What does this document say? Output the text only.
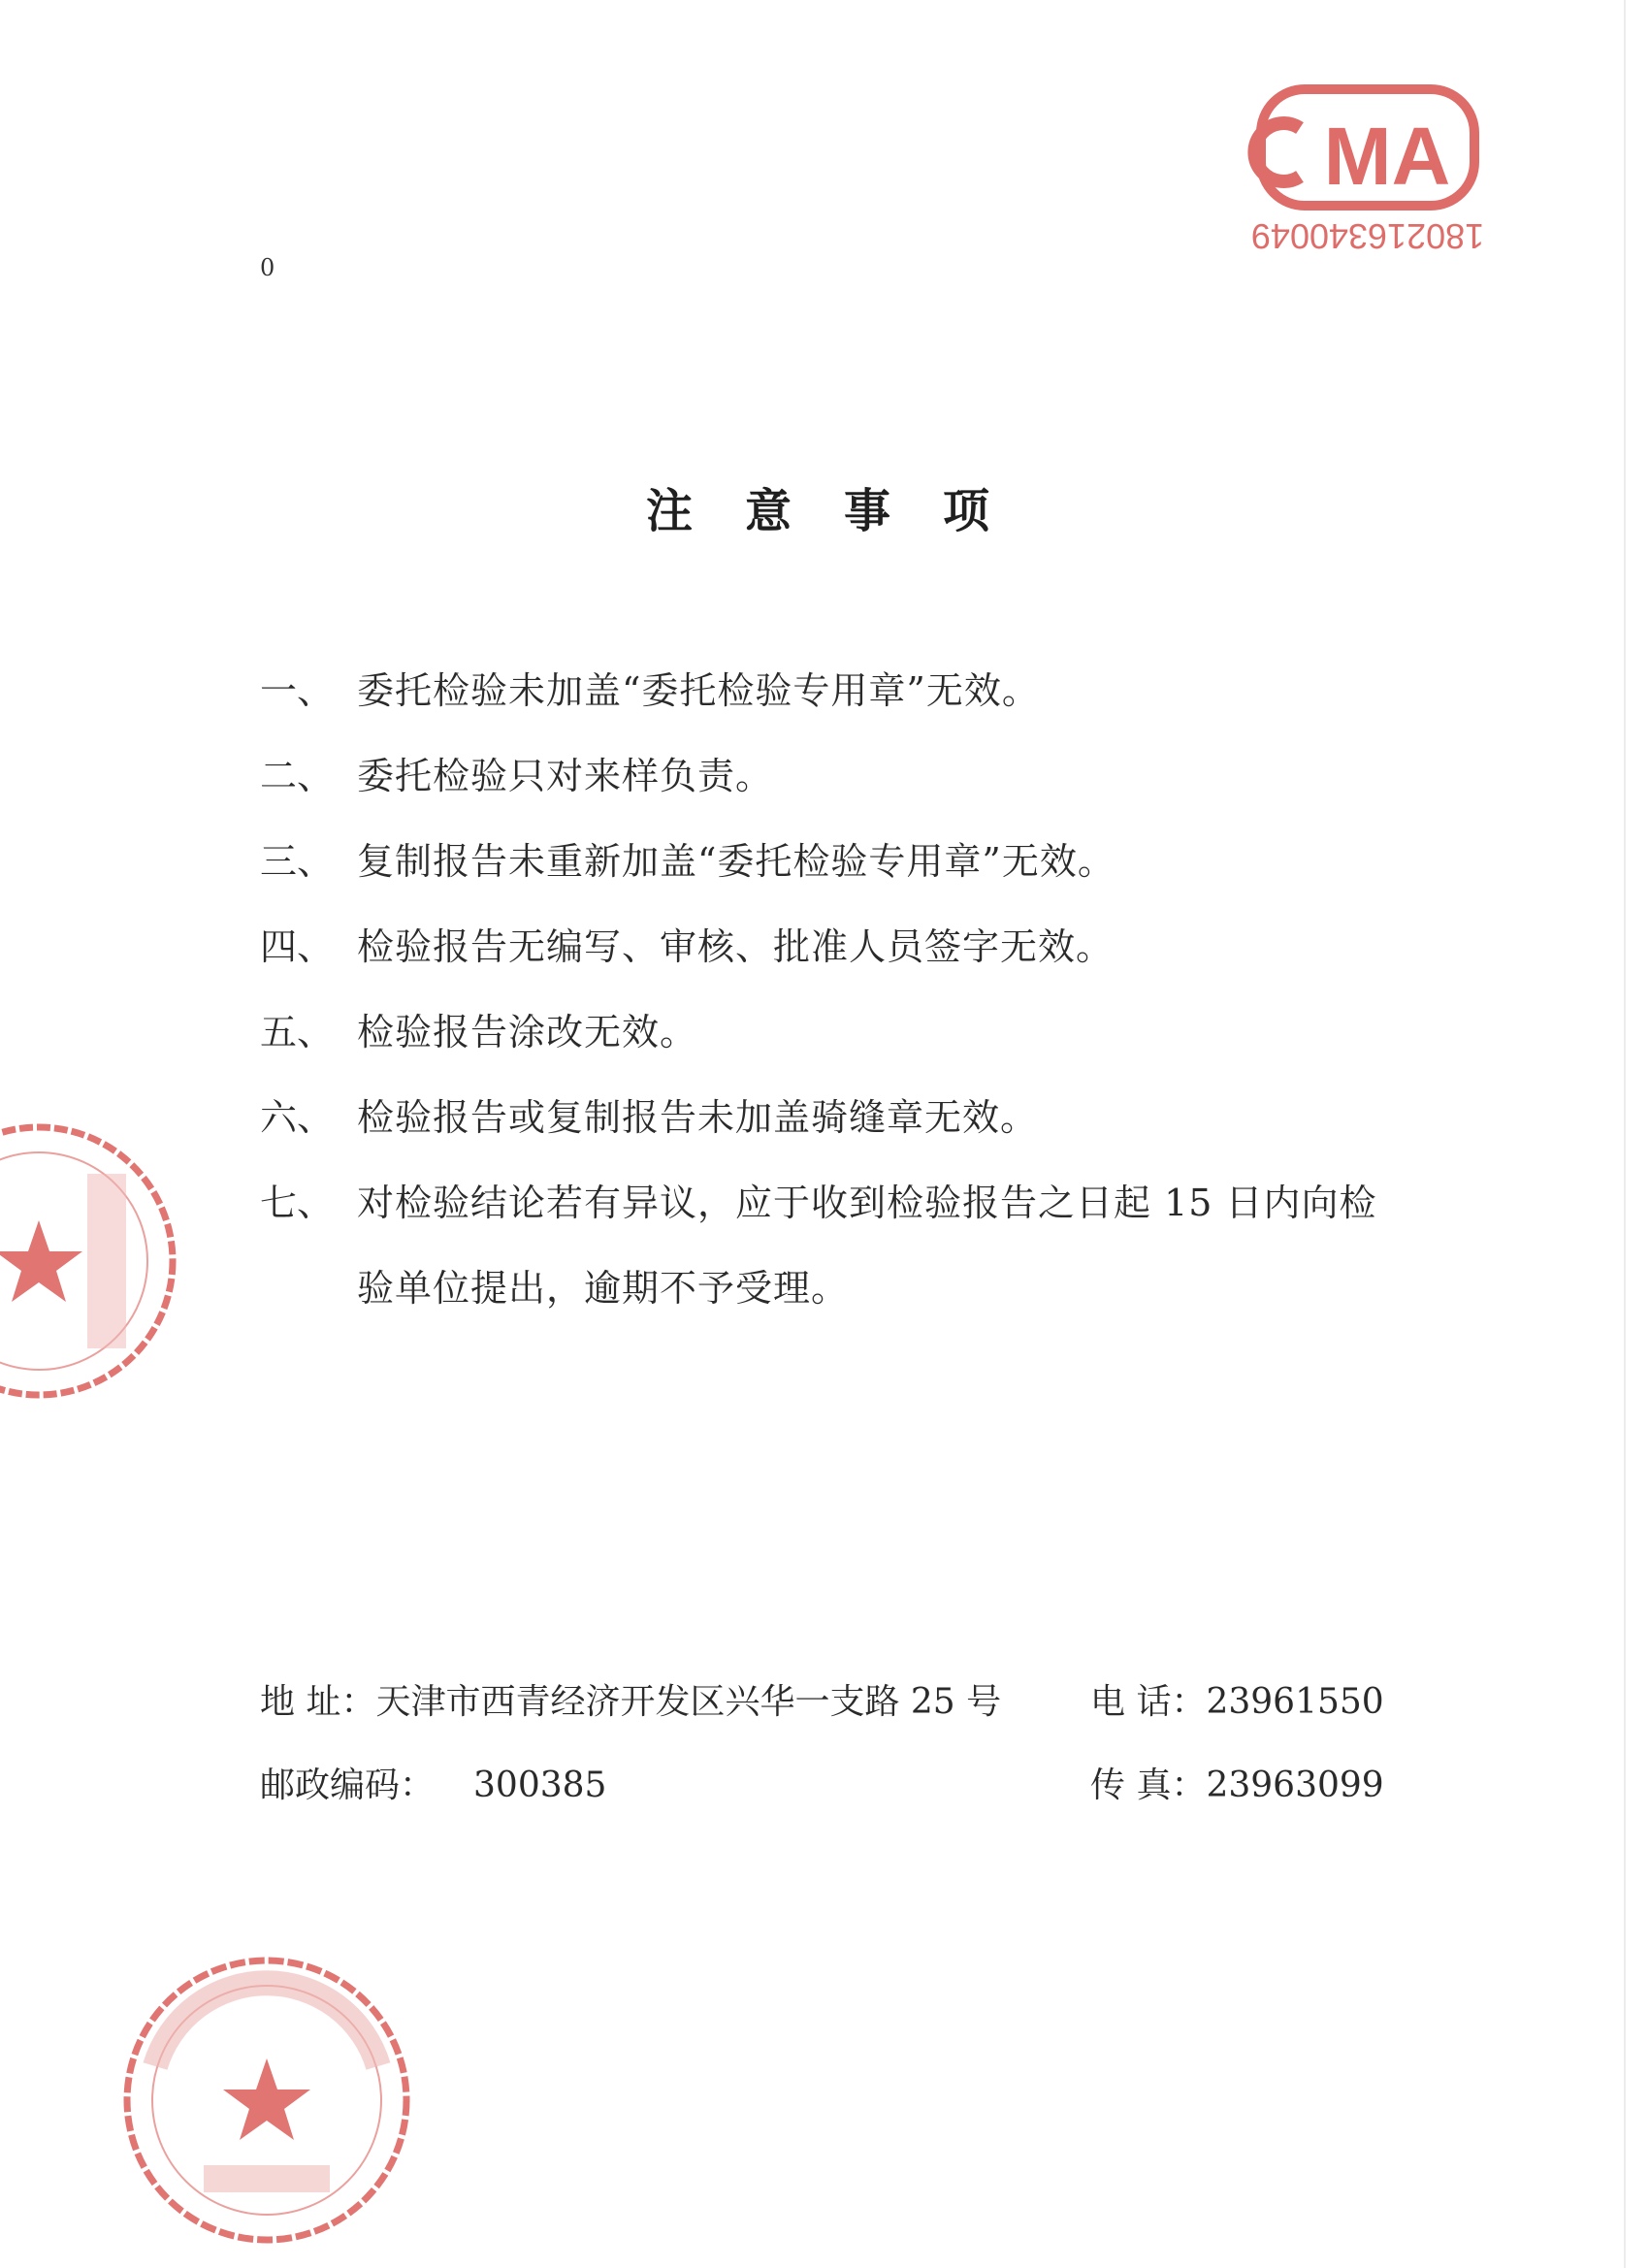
0
注意事项
一、 委托检验未加盖“委托检验专用章”无效。
二、 委托检验只对来样负责。
三、 复制报告未重新加盖“委托检验专用章”无效。
四、 检验报告无编写、审核、批准人员签字无效。
五、 检验报告涂改无效。
六、 检验报告或复制报告未加盖骑缝章无效。
七、 对检验结论若有异议，应于收到检验报告之日起 15 日内向检验单位提出，逾期不予受理。
地 址：天津市西青经济开发区兴华一支路 25 号	电 话：23961550
邮政编码： 300385	传 真：23963099
MA
180216340049
